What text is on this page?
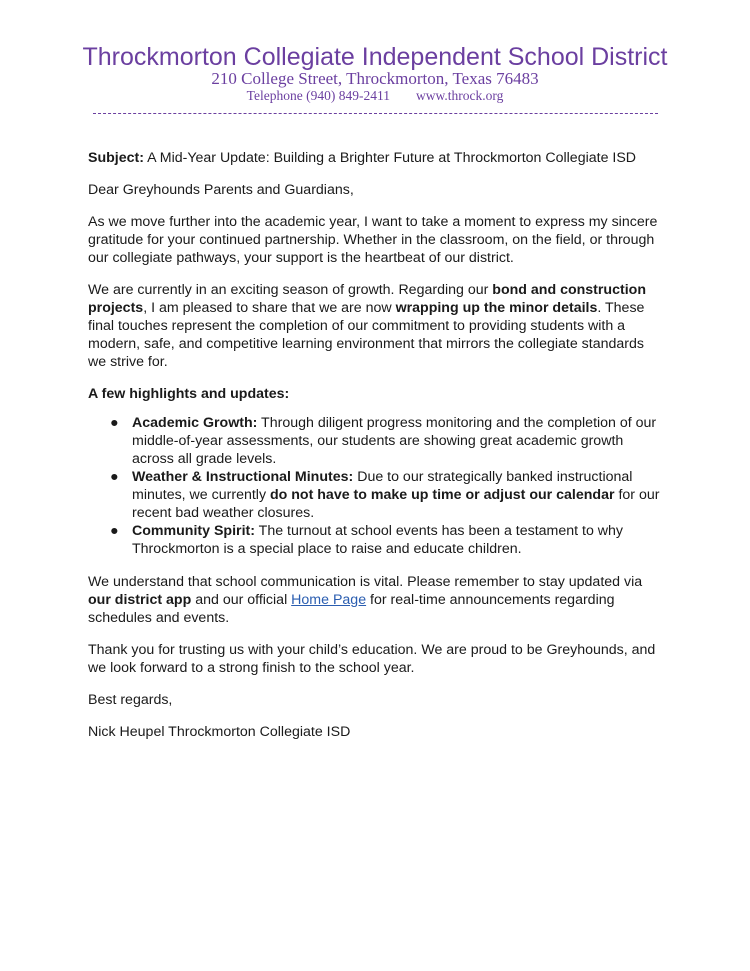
Throckmorton Collegiate Independent School District
210 College Street, Throckmorton, Texas 76483
Telephone (940) 849-2411 www.throck.org

Subject: A Mid-Year Update: Building a Brighter Future at Throckmorton Collegiate ISD

Dear Greyhounds Parents and Guardians,

As we move further into the academic year, I want to take a moment to express my sincere gratitude for your continued partnership. Whether in the classroom, on the field, or through our collegiate pathways, your support is the heartbeat of our district.

We are currently in an exciting season of growth. Regarding our bond and construction projects, I am pleased to share that we are now wrapping up the minor details. These final touches represent the completion of our commitment to providing students with a modern, safe, and competitive learning environment that mirrors the collegiate standards we strive for.

A few highlights and updates:

● Academic Growth: Through diligent progress monitoring and the completion of our middle-of-year assessments, our students are showing great academic growth across all grade levels.
● Weather & Instructional Minutes: Due to our strategically banked instructional minutes, we currently do not have to make up time or adjust our calendar for our recent bad weather closures.
● Community Spirit: The turnout at school events has been a testament to why Throckmorton is a special place to raise and educate children.

We understand that school communication is vital. Please remember to stay updated via our district app and our official Home Page for real-time announcements regarding schedules and events.

Thank you for trusting us with your child’s education. We are proud to be Greyhounds, and we look forward to a strong finish to the school year.

Best regards,

Nick Heupel Throckmorton Collegiate ISD
